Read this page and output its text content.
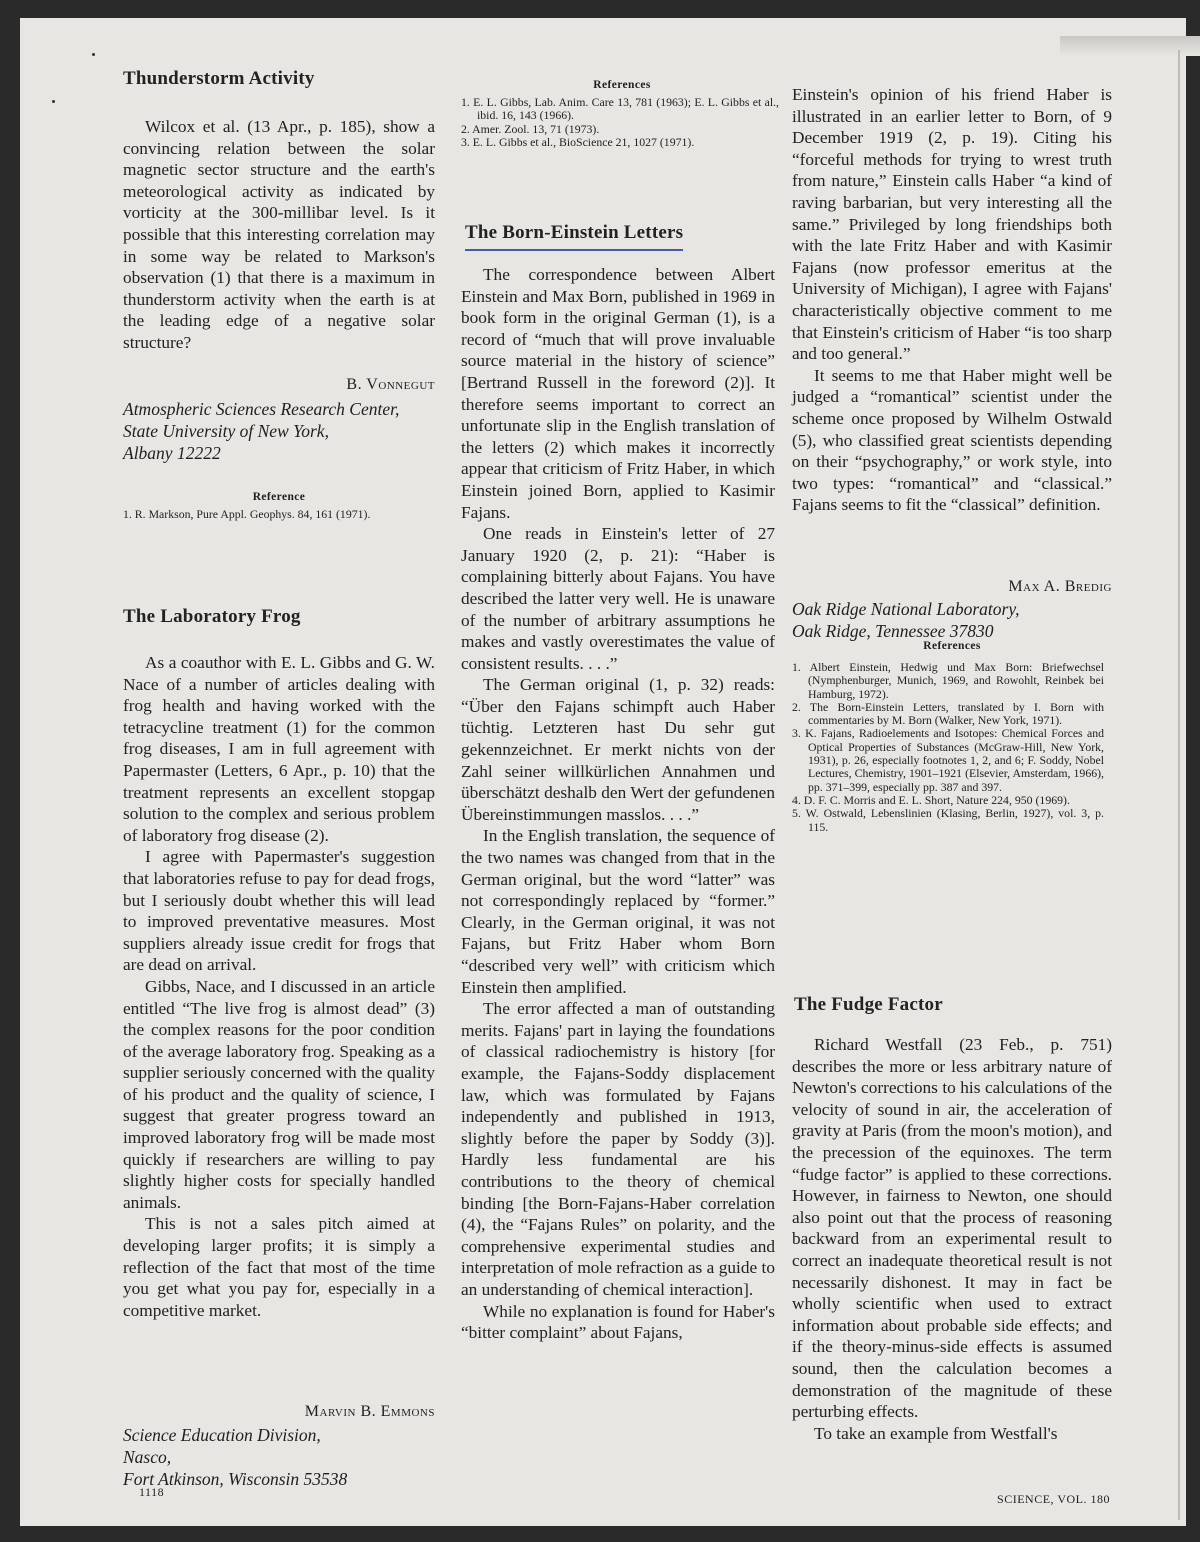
Thunderstorm Activity

Wilcox et al. (13 Apr., p. 185), show a convincing relation between the solar magnetic sector structure and the earth's meteorological activity as indicated by vorticity at the 300-millibar level. Is it possible that this interesting correlation may in some way be related to Markson's observation (1) that there is a maximum in thunderstorm activity when the earth is at the leading edge of a negative solar structure?

B. Vonnegut
Atmospheric Sciences Research Center,
State University of New York,
Albany 12222
Reference
1. R. Markson, Pure Appl. Geophys. 84, 161 (1971).
The Laboratory Frog

As a coauthor with E. L. Gibbs and G. W. Nace of a number of articles dealing with frog health and having worked with the tetracycline treatment (1) for the common frog diseases, I am in full agreement with Papermaster (Letters, 6 Apr., p. 10) that the treatment represents an excellent stopgap solution to the complex and serious problem of laboratory frog disease (2).

I agree with Papermaster's suggestion that laboratories refuse to pay for dead frogs, but I seriously doubt whether this will lead to improved preventative measures. Most suppliers already issue credit for frogs that are dead on arrival.

Gibbs, Nace, and I discussed in an article entitled “The live frog is almost dead” (3) the complex reasons for the poor condition of the average laboratory frog. Speaking as a supplier seriously concerned with the quality of his product and the quality of science, I suggest that greater progress toward an improved laboratory frog will be made most quickly if researchers are willing to pay slightly higher costs for specially handled animals.

This is not a sales pitch aimed at developing larger profits; it is simply a reflection of the fact that most of the time you get what you pay for, especially in a competitive market.

Marvin B. Emmons
Science Education Division,
Nasco,
Fort Atkinson, Wisconsin 53538
1118
References
1. E. L. Gibbs, Lab. Anim. Care 13, 781 (1963); E. L. Gibbs et al., ibid. 16, 143 (1966).
2. Amer. Zool. 13, 71 (1973).
3. E. L. Gibbs et al., BioScience 21, 1027 (1971).
The Born-Einstein Letters

The correspondence between Albert Einstein and Max Born, published in 1969 in book form in the original German (1), is a record of “much that will prove invaluable source material in the history of science” [Bertrand Russell in the foreword (2)]. It therefore seems important to correct an unfortunate slip in the English translation of the letters (2) which makes it incorrectly appear that criticism of Fritz Haber, in which Einstein joined Born, applied to Kasimir Fajans.

One reads in Einstein's letter of 27 January 1920 (2, p. 21): “Haber is complaining bitterly about Fajans. You have described the latter very well. He is unaware of the number of arbitrary assumptions he makes and vastly overestimates the value of consistent results. . . .”

The German original (1, p. 32) reads: “Über den Fajans schimpft auch Haber tüchtig. Letzteren hast Du sehr gut gekennzeichnet. Er merkt nichts von der Zahl seiner willkürlichen Annahmen und überschätzt deshalb den Wert der gefundenen Übereinstimmungen masslos. . . .”

In the English translation, the sequence of the two names was changed from that in the German original, but the word “latter” was not correspondingly replaced by “former.” Clearly, in the German original, it was not Fajans, but Fritz Haber whom Born “described very well” with criticism which Einstein then amplified.

The error affected a man of outstanding merits. Fajans' part in laying the foundations of classical radiochemistry is history [for example, the Fajans-Soddy displacement law, which was formulated by Fajans independently and published in 1913, slightly before the paper by Soddy (3)]. Hardly less fundamental are his contributions to the theory of chemical binding [the Born-Fajans-Haber correlation (4), the “Fajans Rules” on polarity, and the comprehensive experimental studies and interpretation of mole refraction as a guide to an understanding of chemical interaction].

While no explanation is found for Haber's “bitter complaint” about Fajans,

Einstein's opinion of his friend Haber is illustrated in an earlier letter to Born, of 9 December 1919 (2, p. 19). Citing his “forceful methods for trying to wrest truth from nature,” Einstein calls Haber “a kind of raving barbarian, but very interesting all the same.” Privileged by long friendships both with the late Fritz Haber and with Kasimir Fajans (now professor emeritus at the University of Michigan), I agree with Fajans' characteristically objective comment to me that Einstein's criticism of Haber “is too sharp and too general.”

It seems to me that Haber might well be judged a “romantical” scientist under the scheme once proposed by Wilhelm Ostwald (5), who classified great scientists depending on their “psychography,” or work style, into two types: “romantical” and “classical.” Fajans seems to fit the “classical” definition.

Max A. Bredig
Oak Ridge National Laboratory,
Oak Ridge, Tennessee 37830
References
1. Albert Einstein, Hedwig und Max Born: Briefwechsel (Nymphenburger, Munich, 1969, and Rowohlt, Reinbek bei Hamburg, 1972).
2. The Born-Einstein Letters, translated by I. Born with commentaries by M. Born (Walker, New York, 1971).
3. K. Fajans, Radioelements and Isotopes: Chemical Forces and Optical Properties of Substances (McGraw-Hill, New York, 1931), p. 26, especially footnotes 1, 2, and 6; F. Soddy, Nobel Lectures, Chemistry, 1901–1921 (Elsevier, Amsterdam, 1966), pp. 371–399, especially pp. 387 and 397.
4. D. F. C. Morris and E. L. Short, Nature 224, 950 (1969).
5. W. Ostwald, Lebenslinien (Klasing, Berlin, 1927), vol. 3, p. 115.
The Fudge Factor

Richard Westfall (23 Feb., p. 751) describes the more or less arbitrary nature of Newton's corrections to his calculations of the velocity of sound in air, the acceleration of gravity at Paris (from the moon's motion), and the precession of the equinoxes. The term “fudge factor” is applied to these corrections. However, in fairness to Newton, one should also point out that the process of reasoning backward from an experimental result to correct an inadequate theoretical result is not necessarily dishonest. It may in fact be wholly scientific when used to extract information about probable side effects; and if the theory-minus-side effects is assumed sound, then the calculation becomes a demonstration of the magnitude of these perturbing effects.

To take an example from Westfall's

SCIENCE, VOL. 180
